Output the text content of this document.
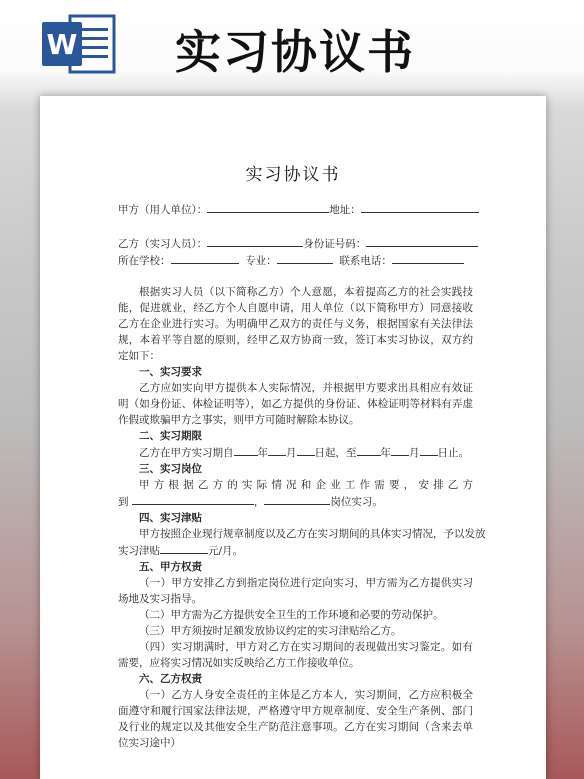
W 实习协议书
实习协议书
甲方（用人单位）：	地址：
乙方（实习人员）：	身份证号码：
所在学校：	专业：	联系电话：

根据实习人员（以下简称乙方）个人意愿，本着提高乙方的社会实践技能，促进就业，经乙方个人自愿申请，用人单位（以下简称甲方）同意接收乙方在企业进行实习。为明确甲乙双方的责任与义务，根据国家有关法律法规，本着平等自愿的原则，经甲乙双方协商一致，签订本实习协议，双方约定如下：

一、实习要求

乙方应如实向甲方提供本人实际情况，并根据甲方要求出具相应有效证明（如身份证、体检证明等），如乙方提供的身份证、体检证明等材料有弄虚作假或欺骗甲方之事实，则甲方可随时解除本协议。

二、实习期限

乙方在甲方实习期自 年 月 日起，至 年 月 日止。

三、实习岗位

甲方根据乙方的实际情况和企业工作需要，安排乙方

到	，	岗位实习。

四、实习津贴

甲方按照企业现行规章制度以及乙方在实习期间的具体实习情况，予以发放

实习津贴	元/月。

五、甲方权责

（一）甲方安排乙方到指定岗位进行定向实习，甲方需为乙方提供实习场地及实习指导。

（二）甲方需为乙方提供安全卫生的工作环境和必要的劳动保护。

（三）甲方须按时足额发放协议约定的实习津贴给乙方。

（四）实习期满时，甲方对乙方在实习期间的表现做出实习鉴定。如有需要，应将实习情况如实反映给乙方工作接收单位。

六、乙方权责

（一）乙方人身安全责任的主体是乙方本人，实习期间，乙方应积极全面遵守和履行国家法律法规，严格遵守甲方规章制度、安全生产条例、部门及行业的规定以及其他安全生产防范注意事项。乙方在实习期间（含来去单位实习途中）
